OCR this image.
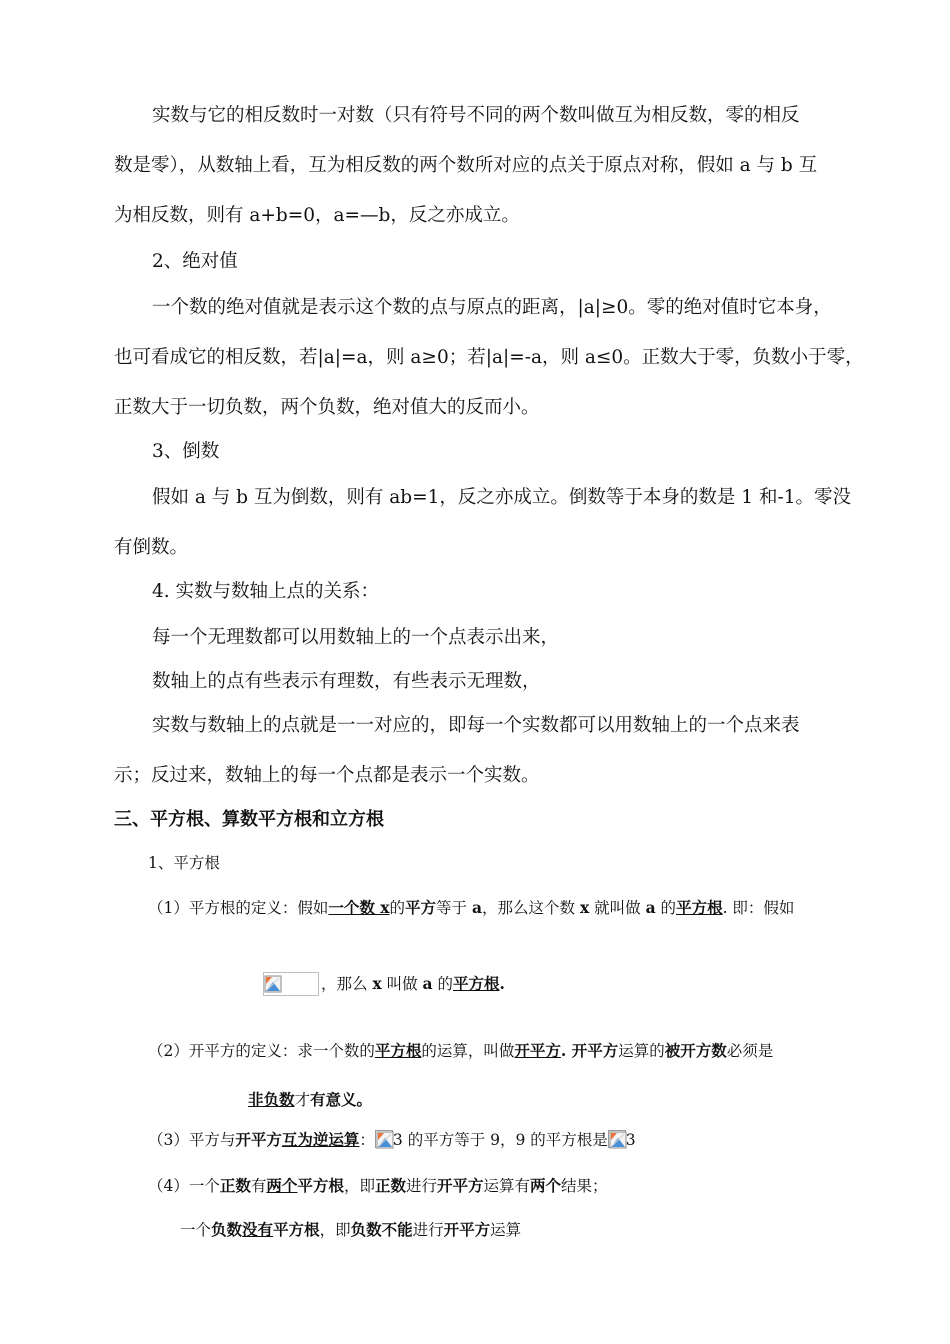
实数与它的相反数时一对数（只有符号不同的两个数叫做互为相反数，零的相反
数是零），从数轴上看，互为相反数的两个数所对应的点关于原点对称，假如 a 与 b 互
为相反数，则有 a+b=0，a=—b，反之亦成立。
2、绝对值
一个数的绝对值就是表示这个数的点与原点的距离，|a|≥0。零的绝对值时它本身，
也可看成它的相反数，若|a|=a，则 a≥0；若|a|=-a，则 a≤0。正数大于零，负数小于零，
正数大于一切负数，两个负数，绝对值大的反而小。
3、倒数
假如 a 与 b 互为倒数，则有 ab=1，反之亦成立。倒数等于本身的数是 1 和-1。零没
有倒数。
4. 实数与数轴上点的关系：
每一个无理数都可以用数轴上的一个点表示出来，
数轴上的点有些表示有理数，有些表示无理数，
实数与数轴上的点就是一一对应的，即每一个实数都可以用数轴上的一个点来表
示；反过来，数轴上的每一个点都是表示一个实数。
三、平方根、算数平方根和立方根
1、平方根
（1）平方根的定义：假如一个数 x的平方等于 a，那么这个数 x 就叫做 a 的平方根. 即：假如
，那么 x 叫做 a 的平方根.
（2）开平方的定义：求一个数的平方根的运算，叫做开平方. 开平方运算的被开方数必须是
非负数才有意义。
（3）平方与开平方互为逆运算： 3 的平方等于 9，9 的平方根是 3
（4）一个正数有两个平方根，即正数进行开平方运算有两个结果；
一个负数没有平方根，即负数不能进行开平方运算
